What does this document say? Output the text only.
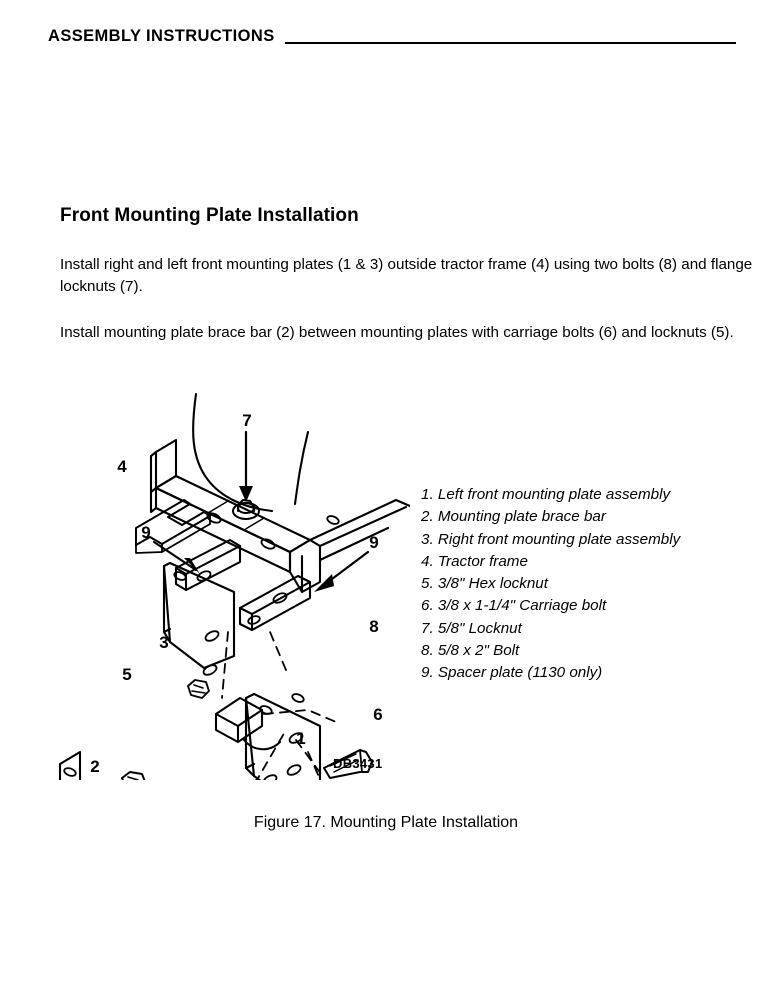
ASSEMBLY INSTRUCTIONS
Front Mounting Plate Installation
Install right and left front mounting plates (1 & 3) outside tractor frame (4) using two bolts (8) and flange locknuts (7).
Install mounting plate brace bar (2) between mounting plates with carriage bolts (6) and locknuts (5).
4
7
9
9
3
1
2
5
8
6
1. Left front mounting plate assembly
2. Mounting plate brace bar
3. Right front mounting plate assembly
4. Tractor frame
5. 3/8" Hex locknut
6. 3/8 x 1-1/4" Carriage bolt
7. 5/8" Locknut
8. 5/8 x 2" Bolt
9. Spacer plate (1130 only)
DB3431
Figure 17. Mounting Plate Installation
